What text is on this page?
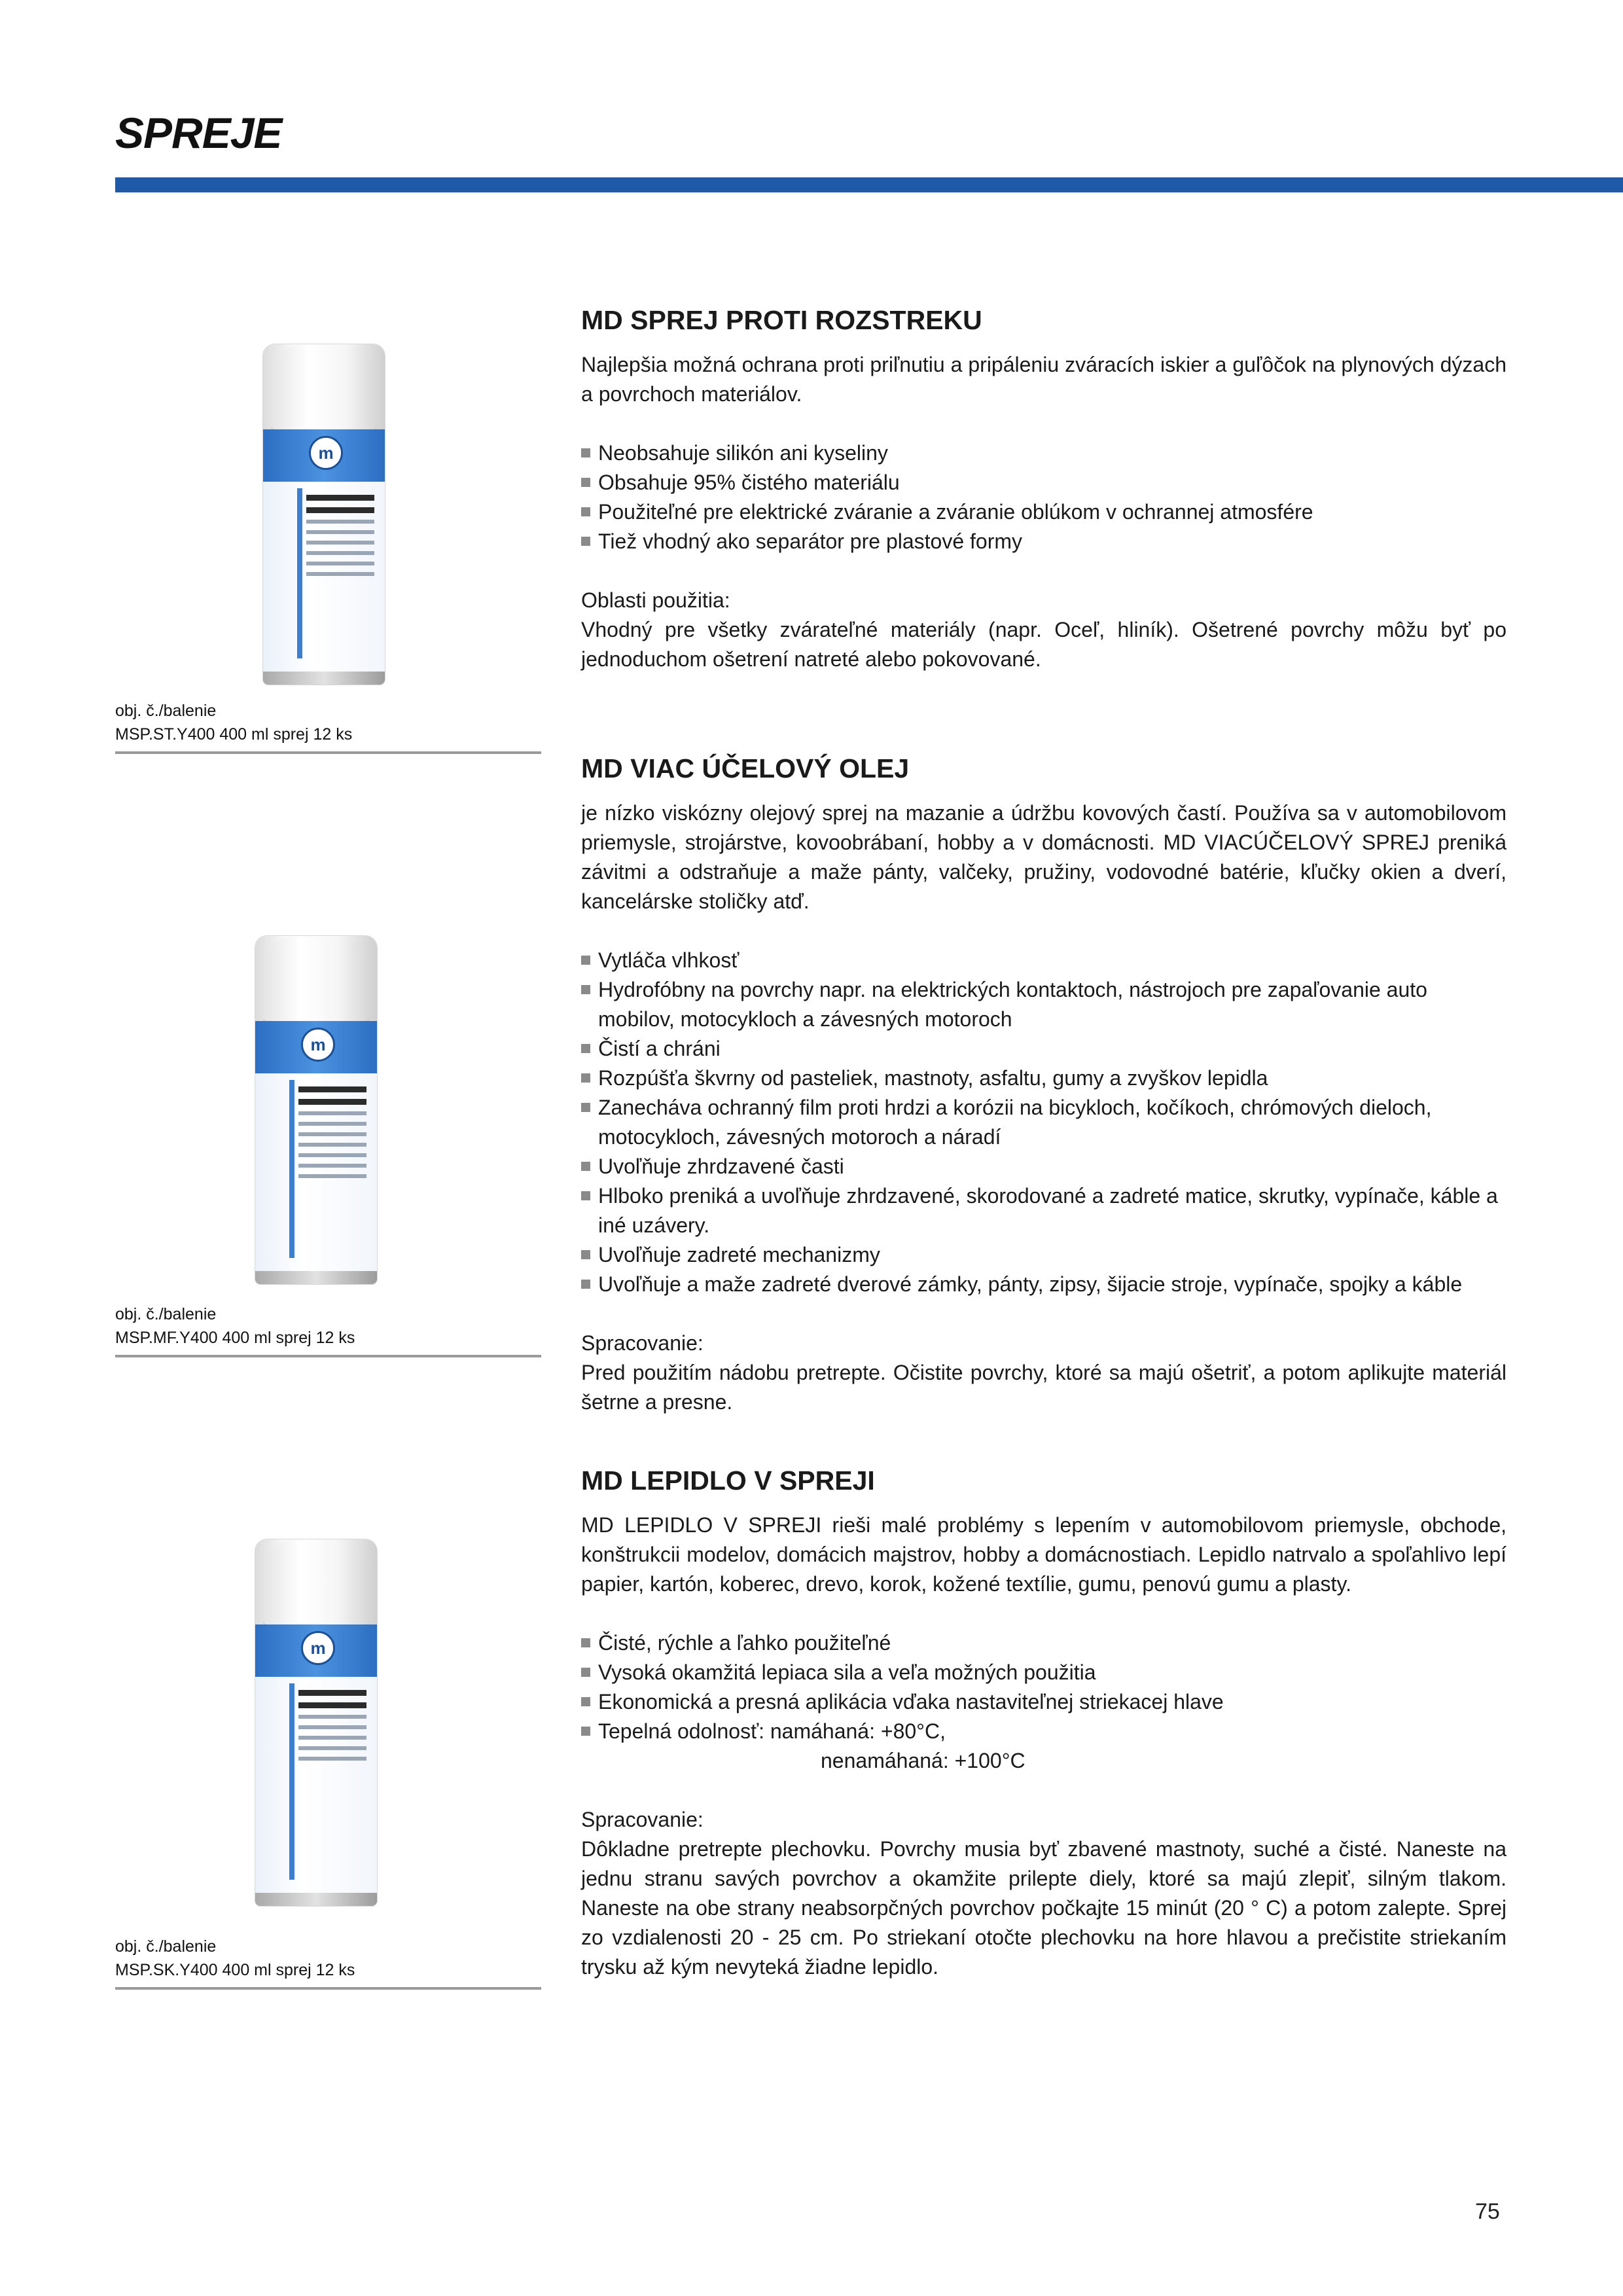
SPREJE
m
obj. č./balenie
MSP.ST.Y400 400 ml sprej 12 ks
m
obj. č./balenie
MSP.MF.Y400 400 ml sprej 12 ks
m
obj. č./balenie
MSP.SK.Y400 400 ml sprej 12 ks
MD SPREJ PROTI ROZSTREKU

Najlepšia možná ochrana proti priľnutiu a pripáleniu zváracích iskier a guľôčok na plynových dýzach a povrchoch materiálov.

Neobsahuje silikón ani kyseliny
Obsahuje 95% čistého materiálu
Použiteľné pre elektrické zváranie a zváranie oblúkom v ochrannej atmosfére
Tiež vhodný ako separátor pre plastové formy

Oblasti použitia:

Vhodný pre všetky zvárateľné materiály (napr. Oceľ, hliník). Ošetrené povrchy môžu byť po jednoduchom ošetrení natreté alebo pokovované.

MD VIAC ÚČELOVÝ OLEJ

je nízko viskózny olejový sprej na mazanie a údržbu kovových častí. Používa sa v automobilovom priemysle, strojárstve, kovoobrábaní, hobby a v domácnosti. MD VIACÚČELOVÝ SPREJ preniká závitmi a odstraňuje a maže pánty, valčeky, pružiny, vodovodné batérie, kľučky okien a dverí, kancelárske stoličky atď.

Vytláča vlhkosť
Hydrofóbny na povrchy napr. na elektrických kontaktoch, nástrojoch pre zapaľovanie auto mobilov, motocykloch a závesných motoroch
Čistí a chráni
Rozpúšťa škvrny od pasteliek, mastnoty, asfaltu, gumy a zvyškov lepidla
Zanecháva ochranný film proti hrdzi a korózii na bicykloch, kočíkoch, chrómových dieloch, motocykloch, závesných motoroch a náradí
Uvoľňuje zhrdzavené časti
Hlboko preniká a uvoľňuje zhrdzavené, skorodované a zadreté matice, skrutky, vypínače, káble a iné uzávery.
Uvoľňuje zadreté mechanizmy
Uvoľňuje a maže zadreté dverové zámky, pánty, zipsy, šijacie stroje, vypínače, spojky a káble

Spracovanie:

Pred použitím nádobu pretrepte. Očistite povrchy, ktoré sa majú ošetriť, a potom aplikujte materiál šetrne a presne.

MD LEPIDLO V SPREJI

MD LEPIDLO V SPREJI rieši malé problémy s lepením v automobilovom priemysle, obchode, konštrukcii modelov, domácich majstrov, hobby a domácnostiach. Lepidlo natrvalo a spoľahlivo lepí papier, kartón, koberec, drevo, korok, kožené textílie, gumu, penovú gumu a plasty.

Čisté, rýchle a ľahko použiteľné
Vysoká okamžitá lepiaca sila a veľa možných použitia
Ekonomická a presná aplikácia vďaka nastaviteľnej striekacej hlave
Tepelná odolnosť: namáhaná: +80°C,
nenamáhaná: +100°C

Spracovanie:

Dôkladne pretrepte plechovku. Povrchy musia byť zbavené mastnoty, suché a čisté. Naneste na jednu stranu savých povrchov a okamžite prilepte diely, ktoré sa majú zlepiť, silným tlakom. Naneste na obe strany neabsorpčných povrchov počkajte 15 minút (20 ° C) a potom zalepte. Sprej zo vzdialenosti 20 - 25 cm. Po striekaní otočte plechovku na hore hlavou a prečistite striekaním trysku až kým nevyteká žiadne lepidlo.

75
